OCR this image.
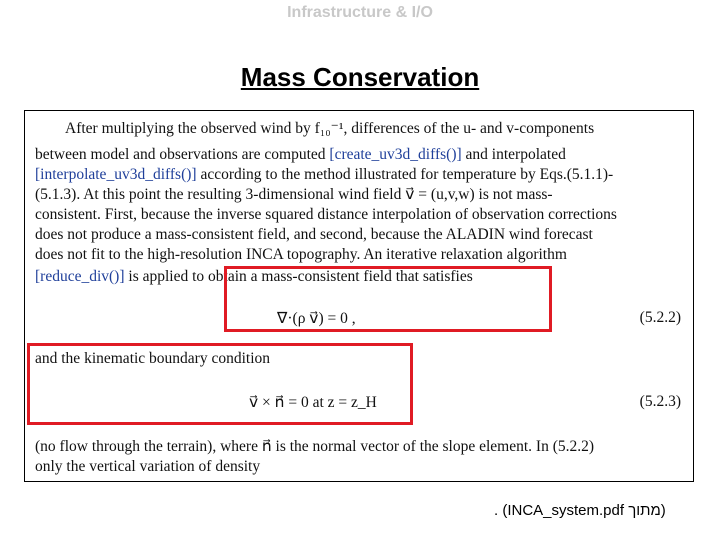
Infrastructure & I/O
Mass Conservation
After multiplying the observed wind by f₁₀⁻¹, differences of the u- and v-components
between model and observations are computed [create_uv3d_diffs()] and interpolated
[interpolate_uv3d_diffs()] according to the method illustrated for temperature by Eqs.(5.1.1)-
(5.1.3). At this point the resulting 3-dimensional wind field v⃗ = (u,v,w) is not mass-
consistent. First, because the inverse squared distance interpolation of observation corrections
does not produce a mass-consistent field, and second, because the ALADIN wind forecast
does not fit to the high-resolution INCA topography. An iterative relaxation algorithm
[reduce_div()] is applied to obtain a mass-consistent field that satisfies
∇·(ρ v⃗) = 0 ,	(5.2.2)
and the kinematic boundary condition
v⃗ × n⃗ = 0 at z = z_H	(5.2.3)
(no flow through the terrain), where n⃗ is the normal vector of the slope element. In (5.2.2)
only the vertical variation of density
. (INCA_system.pdf מתוך)
